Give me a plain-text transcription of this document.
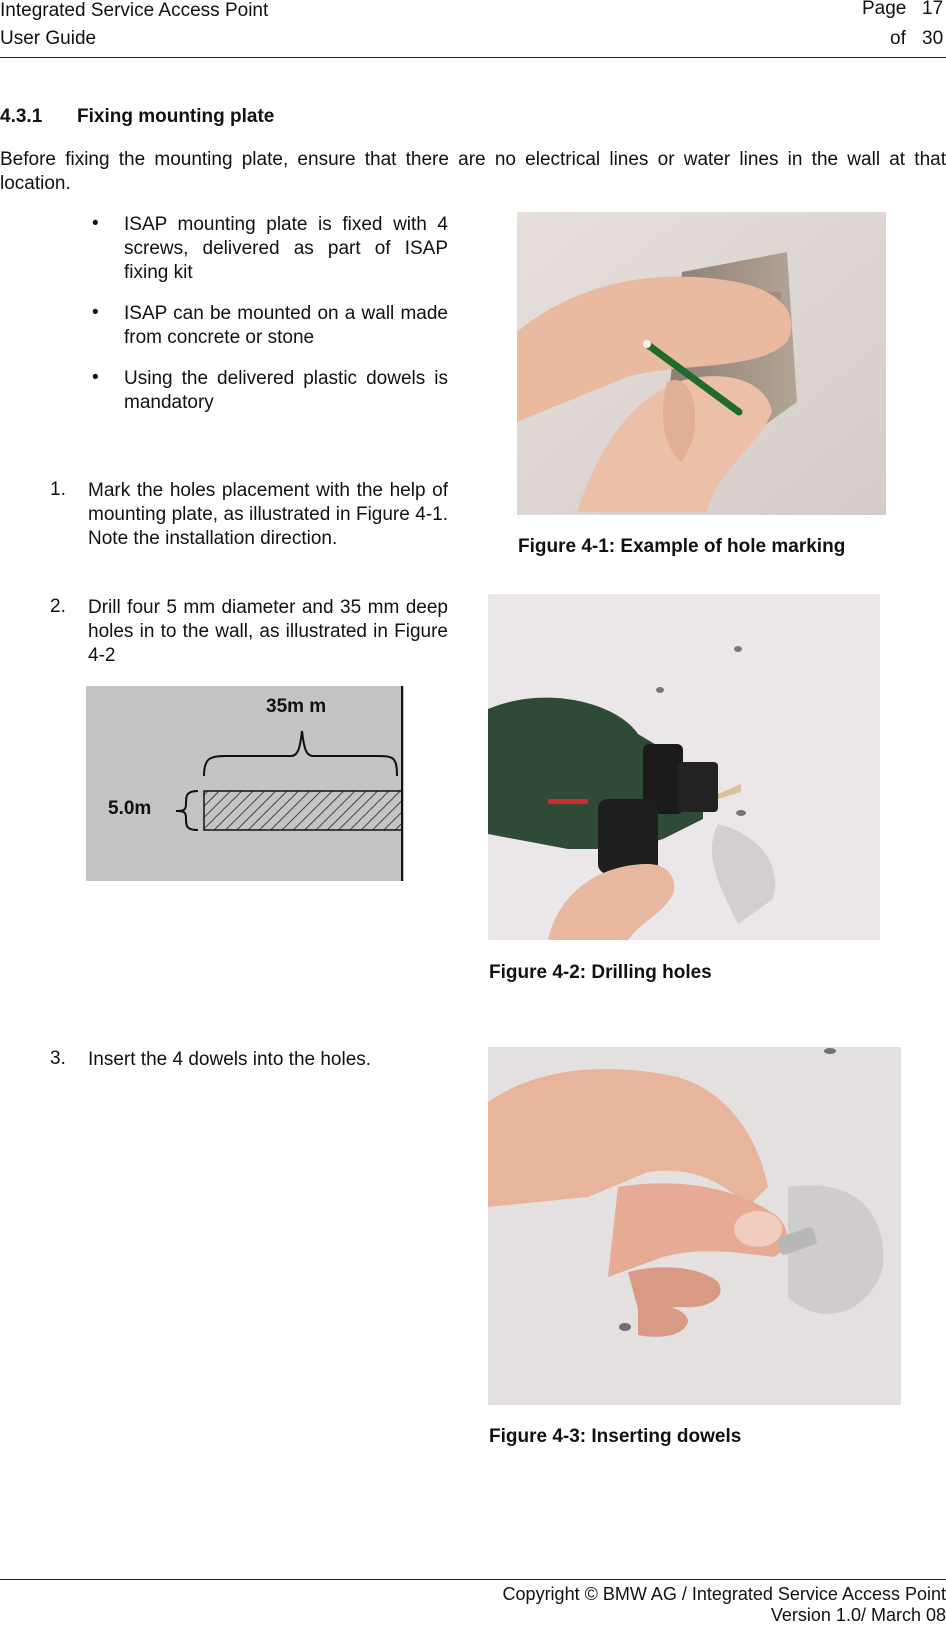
Integrated Service Access Point
User Guide
Page 17
of 30
4.3.1 Fixing mounting plate
Before fixing the mounting plate, ensure that there are no electrical lines or water lines in the wall at that location.
• ISAP mounting plate is fixed with 4 screws, delivered as part of ISAP fixing kit
• ISAP can be mounted on a wall made from concrete or stone
• Using the delivered plastic dowels is mandatory
1. Mark the holes placement with the help of mounting plate, as illustrated in Figure 4-1. Note the installation direction.
2. Drill four 5 mm diameter and 35 mm deep holes in to the wall, as illustrated in Figure 4-2
3. Insert the 4 dowels into the holes.
Figure 4-1: Example of hole marking
35m m
5.0m
Figure 4-2: Drilling holes
Figure 4-3: Inserting dowels
Copyright © BMW AG / Integrated Service Access Point
Version 1.0/ March 08
